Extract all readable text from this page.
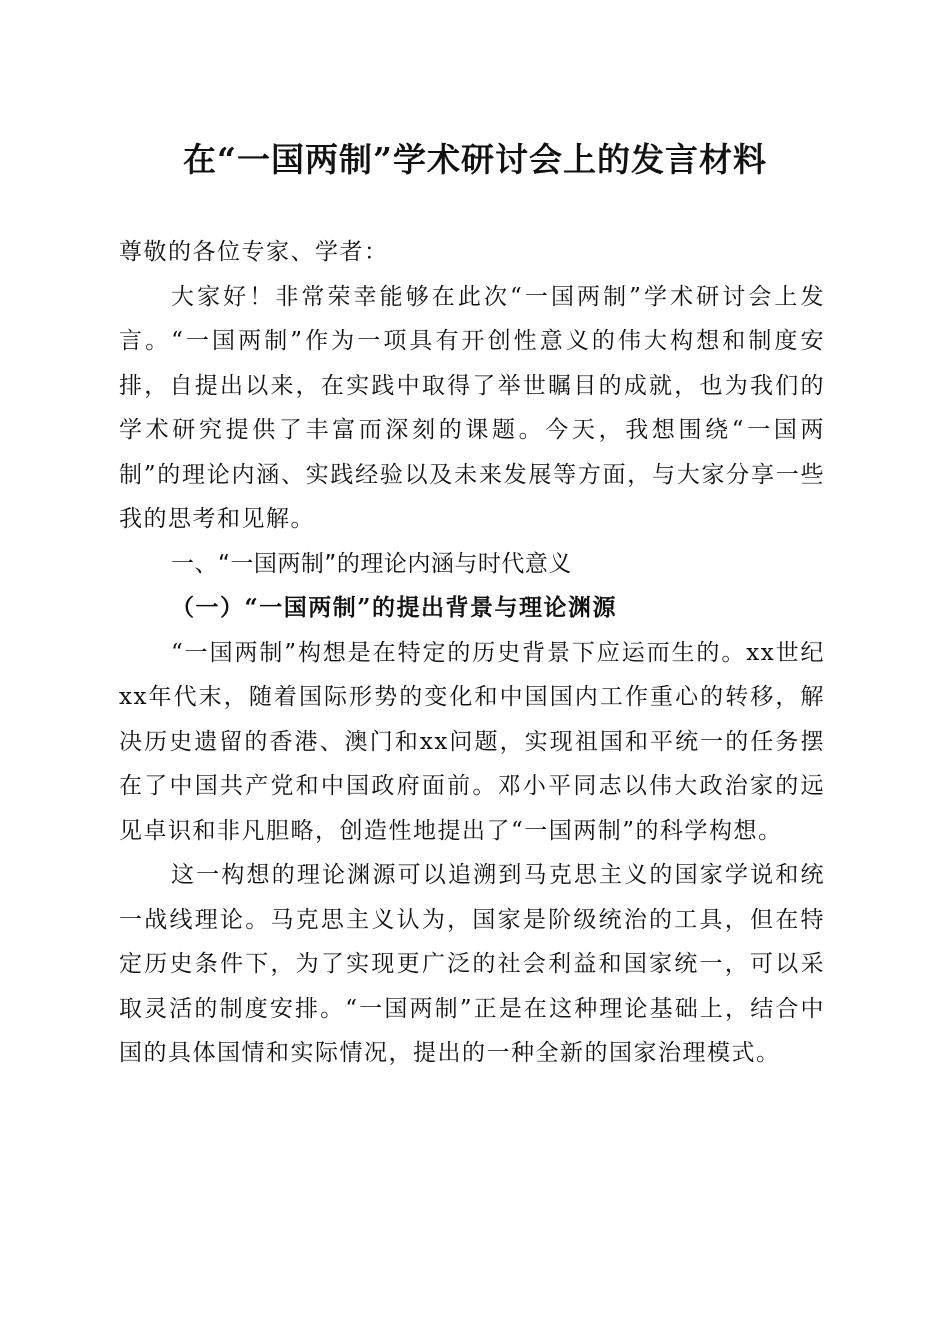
在“一国两制”学术研讨会上的发言材料

尊敬的各位专家、学者：

大家好！非常荣幸能够在此次“一国两制”学术研讨会上发言。“一国两制”作为一项具有开创性意义的伟大构想和制度安排，自提出以来，在实践中取得了举世瞩目的成就，也为我们的学术研究提供了丰富而深刻的课题。今天，我想围绕“一国两制”的理论内涵、实践经验以及未来发展等方面，与大家分享一些我的思考和见解。

一、“一国两制”的理论内涵与时代意义

（一）“一国两制”的提出背景与理论渊源

“一国两制”构想是在特定的历史背景下应运而生的。xx世纪xx年代末，随着国际形势的变化和中国国内工作重心的转移，解决历史遗留的香港、澳门和xx问题，实现祖国和平统一的任务摆在了中国共产党和中国政府面前。邓小平同志以伟大政治家的远见卓识和非凡胆略，创造性地提出了“一国两制”的科学构想。

这一构想的理论渊源可以追溯到马克思主义的国家学说和统一战线理论。马克思主义认为，国家是阶级统治的工具，但在特定历史条件下，为了实现更广泛的社会利益和国家统一，可以采取灵活的制度安排。“一国两制”正是在这种理论基础上，结合中国的具体国情和实际情况，提出的一种全新的国家治理模式。
